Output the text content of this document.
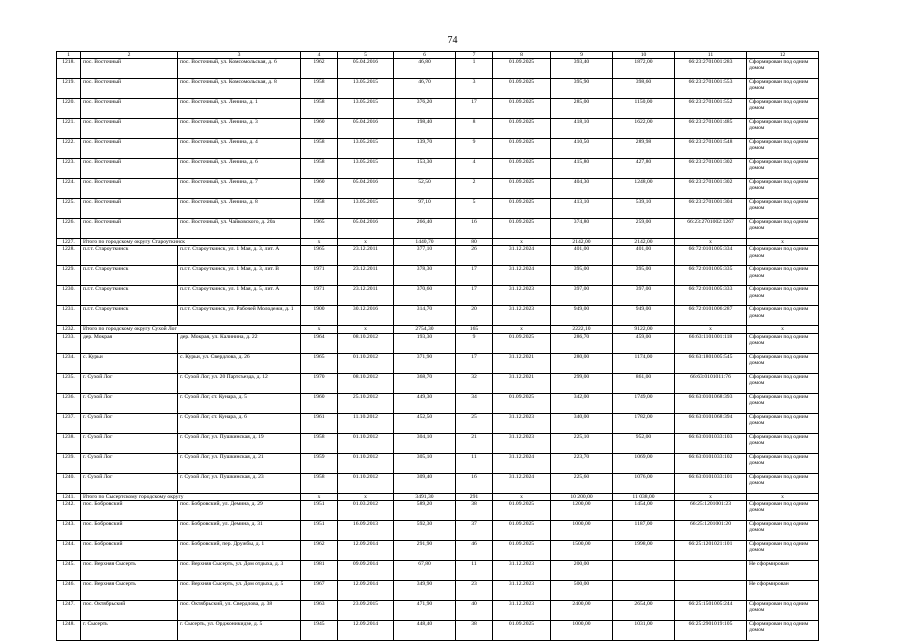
74
1	2	3	4	5	6	7	8	9	10	11	12
1218.	пос. Восточный	пос. Восточный, ул. Комсомольская, д. 6	1962	05.04.2016	46,80	1	01.09.2025	393,40	1872,00	66:23:2701001:283	Сформирован под одним домом
1219.	пос. Восточный	пос. Восточный, ул. Комсомольская, д. 8	1958	13.05.2015	46,70	3	01.09.2025	395,90	398,60	66:23:2701001:553	Сформирован под одним домом
1220.	пос. Восточный	пос. Восточный, ул. Ленина, д. 1	1958	13.05.2015	376,20	17	01.09.2025	285,00	1150,00	66:23:2701001:552	Сформирован под одним домом
1221.	пос. Восточный	пос. Восточный, ул. Ленина, д. 3	1960	05.04.2016	198,40	8	01.09.2025	418,10	1622,00	66:23:2701001:485	Сформирован под одним домом
1222.	пос. Восточный	пос. Восточный, ул. Ленина, д. 4	1958	13.05.2015	139,70	9	01.09.2025	410,50	289,98	66:23:2701001:548	Сформирован под одним домом
1223.	пос. Восточный	пос. Восточный, ул. Ленина, д. 6	1958	13.05.2015	153,30	4	01.09.2025	415,80	427,80	66:23:2701001:302	Сформирован под одним домом
1224.	пос. Восточный	пос. Восточный, ул. Ленина, д. 7	1960	05.04.2016	52,50	2	01.09.2025	404,30	1248,00	66:23:2701001:302	Сформирован под одним домом
1225.	пос. Восточный	пос. Восточный, ул. Ленина, д. 8	1958	13.05.2015	97,10	5	01.09.2025	413,10	539,10	66:23:2701001:304	Сформирован под одним домом
1226.	пос. Восточный	пос. Восточный, ул. Чайковского, д. 20а	1965	05.04.2016	266,40	16	01.09.2025	374,80	259,00	66:23:2701002:1267	Сформирован под одним домом
1227.	Итого по городскому округу Староуткинск		x	x	1440,70	80	x	2142,00	2142,00	x	x
1228.	п.г.т. Староуткинск	п.г.т. Староуткинск, ул. 1 Мая, д. 3, лит. А	1965	23.12.2011	377,10	26	31.12.2024	401,00	401,00	66:72:0101005:334	Сформирован под одним домом
1229.	п.г.т. Староуткинск	п.г.т. Староуткинск, ул. 1 Мая, д. 3, лит. В	1971	23.12.2011	378,30	17	31.12.2024	395,00	395,00	66:72:0101005:335	Сформирован под одним домом
1230.	п.г.т. Староуткинск	п.г.т. Староуткинск, ул. 1 Мая, д. 5, лит. А	1971	23.12.2011	370,60	17	31.12.2023	397,00	397,00	66:72:0101005:333	Сформирован под одним домом
1231.	п.г.т. Староуткинск	п.г.т. Староуткинск, ул. Рабочей Молодежи, д. 1	1900	30.12.2016	314,70	20	31.12.2023	949,00	949,00	66:72:0101006:287	Сформирован под одним домом
1232.	Итого по городскому округу Сухой Лог		x	x	2754,30	165	x	2222,10	9122,00	x	x
1233.	дер. Мокрая	дер. Мокрая, ул. Калинина, д. 22	1964	08.10.2012	193,30	9	01.09.2025	286,70	459,00	66:63:1101001:118	Сформирован под одним домом
1234.	с. Курьи	с. Курьи, ул. Свердлова, д. 26	1965	01.10.2012	371,90	17	31.12.2021	280,00	1174,00	66:63:1801005:545	Сформирован под одним домом
1235.	г. Сухой Лог	г. Сухой Лог, ул. 20 Партсъезда, д. 12	1970	08.10.2012	368,70	32	31.12.2021	299,00	861,00	66:63:0101011:76	Сформирован под одним домом
1236.	г. Сухой Лог	г. Сухой Лог, ст. Кунара, д. 5	1960	25.10.2012	449,30	34	01.09.2025	342,00	1749,00	66:63:0101068:393	Сформирован под одним домом
1237.	г. Сухой Лог	г. Сухой Лог, ст. Кунара, д. 6	1961	11.10.2012	452,50	25	31.12.2023	340,00	1782,00	66:63:0101068:394	Сформирован под одним домом
1238.	г. Сухой Лог	г. Сухой Лог, ул. Пушкинская, д. 19	1958	01.10.2012	304,10	21	31.12.2023	225,10	952,00	66:63:0101033:103	Сформирован под одним домом
1239.	г. Сухой Лог	г. Сухой Лог, ул. Пушкинская, д. 21	1959	01.10.2012	305,10	11	31.12.2024	223,70	1069,00	66:63:0101033:102	Сформирован под одним домом
1240.	г. Сухой Лог	г. Сухой Лог, ул. Пушкинская, д. 23	1958	01.10.2012	309,40	16	31.12.2024	225,60	1076,00	66:63:0101033:101	Сформирован под одним домом
1241.	Итого по Сысертскому городскому округу		x	x	3491,30	291	x	10 200,00	11 038,00	x	x
1242.	пос. Бобровский	пос. Бобровский, ул. Демина, д. 29	1951	01.03.2012	589,20	38	01.09.2025	1200,00	1454,00	66:25:1201001:23	Сформирован под одним домом
1243.	пос. Бобровский	пос. Бобровский, ул. Демина, д. 31	1951	16.09.2013	592,30	37	01.09.2025	1000,00	1187,00	66:25:1201001:20	Сформирован под одним домом
1244.	пос. Бобровский	пос. Бобровский, пер. Дружбы, д. 1	1962	12.09.2014	291,90	46	01.09.2025	1500,00	1998,00	66:25:1201021:101	Сформирован под одним домом
1245.	пос. Верхняя Сысерть	пос. Верхняя Сысерть, ул. Дом отдыха, д. 3	1981	09.09.2014	67,80	11	31.12.2023	200,00			Не сформирован
1246.	пос. Верхняя Сысерть	пос. Верхняя Сысерть, ул. Дом отдыха, д. 5	1967	12.09.2014	349,90	23	31.12.2023	500,00			Не сформирован
1247.	пос. Октябрьский	пос. Октябрьский, ул. Свердлова, д. 38	1963	23.09.2015	471,90	40	31.12.2023	2400,00	2654,00	66:25:1501005:244	Сформирован под одним домом
1248.	г. Сысерть	г. Сысерть, ул. Орджоникидзе, д. 5	1945	12.09.2014	448,40	38	01.09.2025	1000,00	1031,00	66:25:2901019:105	Сформирован под одним домом
